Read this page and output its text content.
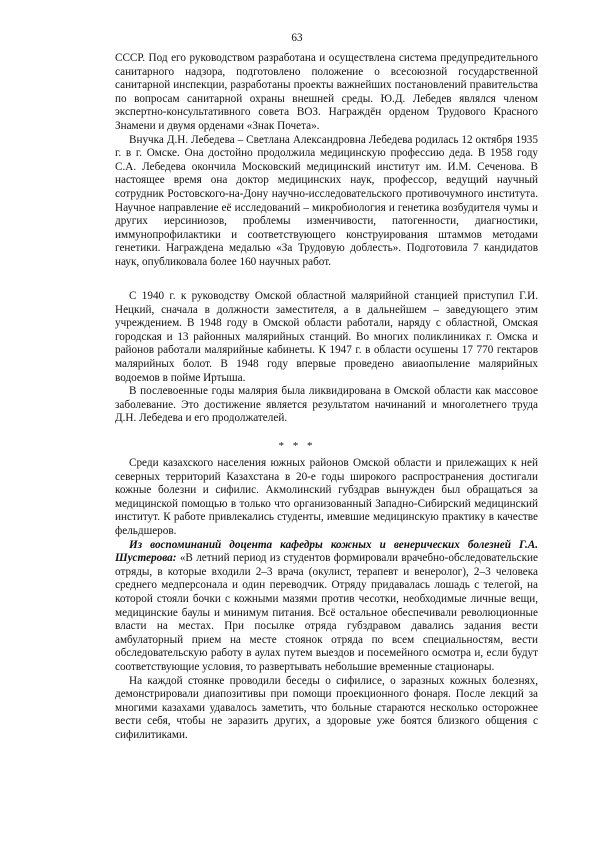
63

СССР. Под его руководством разработана и осуществлена система предупредительного санитарного надзора, подготовлено положение о всесоюзной государственной санитарной инспекции, разработаны проекты важнейших постановлений правительства по вопросам санитарной охраны внешней среды. Ю.Д. Лебедев являлся членом экспертно-консультативного совета ВОЗ. Награждён орденом Трудового Красного Знамени и двумя орденами «Знак Почета».

Внучка Д.Н. Лебедева – Светлана Александровна Лебедева родилась 12 октября 1935 г. в г. Омске. Она достойно продолжила медицинскую профессию деда. В 1958 году С.А. Лебедева окончила Московский медицинский институт им. И.М. Сеченова. В настоящее время она доктор медицинских наук, профессор, ведущий научный сотрудник Ростовского-на-Дону научно-исследовательского противочумного института. Научное направление её исследований – микробиология и генетика возбудителя чумы и других иерсиниозов, проблемы изменчивости, патогенности, диагностики, иммунопрофилактики и соответствующего конструирования штаммов методами генетики. Награждена медалью «За Трудовую доблесть». Подготовила 7 кандидатов наук, опубликовала более 160 научных работ.

С 1940 г. к руководству Омской областной малярийной станцией приступил Г.И. Нецкий, сначала в должности заместителя, а в дальнейшем – заведующего этим учреждением. В 1948 году в Омской области работали, наряду с областной, Омская городская и 13 районных малярийных станций. Во многих поликлиниках г. Омска и районов работали малярийные кабинеты. К 1947 г. в области осушены 17 770 гектаров малярийных болот. В 1948 году впервые проведено авиаопыление малярийных водоемов в пойме Иртыша.

В послевоенные годы малярия была ликвидирована в Омской области как массовое заболевание. Это достижение является результатом начинаний и многолетнего труда Д.Н. Лебедева и его продолжателей.

* * *

Среди казахского населения южных районов Омской области и прилежащих к ней северных территорий Казахстана в 20-е годы широкого распространения достигали кожные болезни и сифилис. Акмолинский губздрав вынужден был обращаться за медицинской помощью в только что организованный Западно-Сибирский медицинский институт. К работе привлекались студенты, имевшие медицинскую практику в качестве фельдшеров.

Из воспоминаний доцента кафедры кожных и венерических болезней Г.А. Шустерова: «В летний период из студентов формировали врачебно-обследовательские отряды, в которые входили 2–3 врача (окулист, терапевт и венеролог), 2–3 человека среднего медперсонала и один переводчик. Отряду придавалась лошадь с телегой, на которой стояли бочки с кожными мазями против чесотки, необходимые личные вещи, медицинские баулы и минимум питания. Всё остальное обеспечивали революционные власти на местах. При посылке отряда губздравом давались задания вести амбулаторный прием на месте стоянок отряда по всем специальностям, вести обследовательскую работу в аулах путем выездов и посемейного осмотра и, если будут соответствующие условия, то развертывать небольшие временные стационары.

На каждой стоянке проводили беседы о сифилисе, о заразных кожных болезнях, демонстрировали диапозитивы при помощи проекционного фонаря. После лекций за многими казахами удавалось заметить, что больные стараются несколько осторожнее вести себя, чтобы не заразить других, а здоровые уже боятся близкого общения с сифилитиками.
